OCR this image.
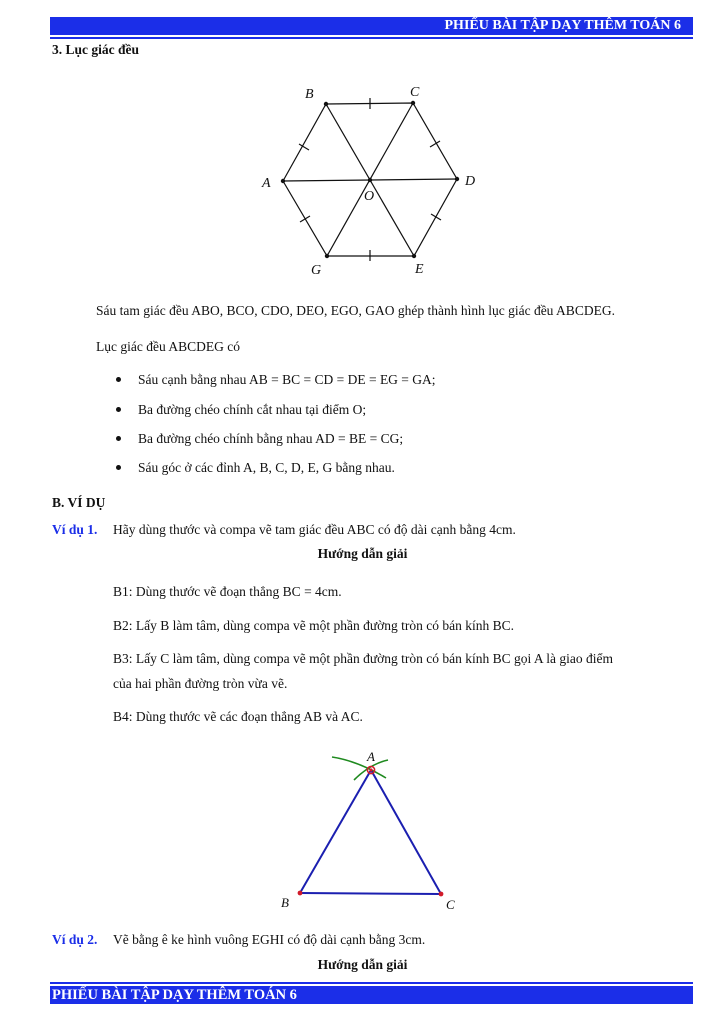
PHIẾU BÀI TẬP DẠY THÊM TOÁN 6
3. Lục giác đều
A
B	C
D
E
G
O
Sáu tam giác đều ABO, BCO, CDO, DEO, EGO, GAO ghép thành hình lục giác đều ABCDEG.
Lục giác đều ABCDEG có
Sáu cạnh bằng nhau AB = BC = CD = DE = EG = GA;
Ba đường chéo chính cắt nhau tại điểm O;
Ba đường chéo chính bằng nhau AD = BE = CG;
Sáu góc ở các đỉnh A, B, C, D, E, G bằng nhau.
B. VÍ DỤ
Ví dụ 1. Hãy dùng thước và compa vẽ tam giác đều ABC có độ dài cạnh bằng 4cm.
Hướng dẫn giải
B1: Dùng thước vẽ đoạn thẳng BC = 4cm.
B2: Lấy B làm tâm, dùng compa vẽ một phần đường tròn có bán kính BC.
B3: Lấy C làm tâm, dùng compa vẽ một phần đường tròn có bán kính BC gọi A là giao điểm
của hai phần đường tròn vừa vẽ.
B4: Dùng thước vẽ các đoạn thẳng AB và AC.
A
B	C
Ví dụ 2. Vẽ bằng ê ke hình vuông EGHI có độ dài cạnh bằng 3cm.
Hướng dẫn giải
PHIẾU BÀI TẬP DẠY THÊM TOÁN 6
